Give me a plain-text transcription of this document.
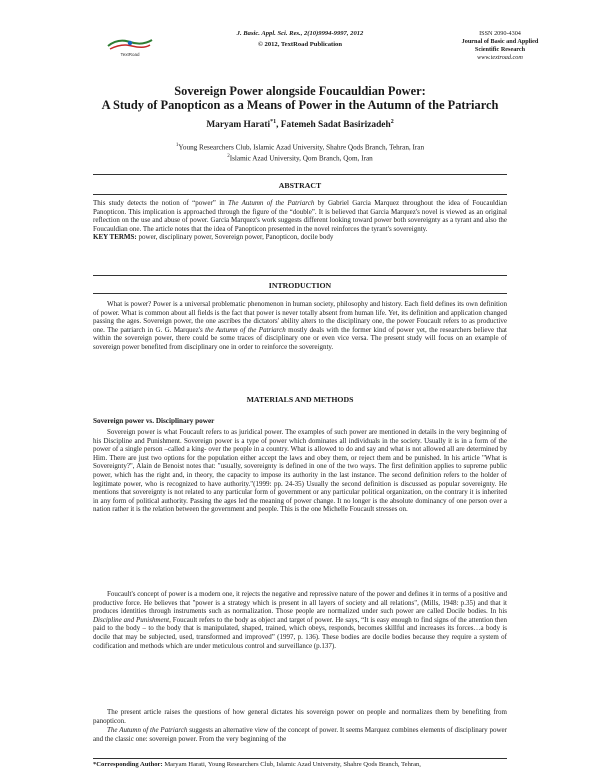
TextRoad
J. Basic. Appl. Sci. Res., 2(10)9994-9997, 2012
© 2012, TextRoad Publication
ISSN 2090-4304
Journal of Basic and Applied
Scientific Research
www.textroad.com
Sovereign Power alongside Foucauldian Power:
A Study of Panopticon as a Means of Power in the Autumn of the Patriarch
Maryam Harati$^{*1}$, Fatemeh Sadat Basirizadeh$^2$
$^1$Young Researchers Club, Islamic Azad University, Shahre Qods Branch, Tehran, Iran
$^2$Islamic Azad University, Qom Branch, Qom, Iran
ABSTRACT

This study detects the notion of “power” in The Autumn of the Patriarch by Gabriel Garcia Marquez throughout the idea of Foucauldian Panopticon. This implication is approached through the figure of the “double”. It is believed that Garcia Marquez's novel is viewed as an original reflection on the use and abuse of power. Garcia Marquez's work suggests different looking toward power both sovereignty as a tyrant and also the Foucauldian one. The article notes that the idea of Panopticon presented in the novel reinforces the tyrant's sovereignty.
KEY TERMS: power, disciplinary power, Sovereign power, Panopticon, docile body

INTRODUCTION

What is power? Power is a universal problematic phenomenon in human society, philosophy and history. Each field defines its own definition of power. What is common about all fields is the fact that power is never totally absent from human life. Yet, its definition and application changed passing the ages. Sovereign power, the one ascribes the dictators' ability alters to the disciplinary one, the power Foucault refers to as productive one. The patriarch in G. G. Marquez's the Autumn of the Patriarch mostly deals with the former kind of power yet, the researchers believe that within the sovereign power, there could be some traces of disciplinary one or even vice versa. The present study will focus on an example of sovereign power benefited from disciplinary one in order to reinforce the sovereignty.

MATERIALS AND METHODS
Sovereign power vs. Disciplinary power

Sovereign power is what Foucault refers to as juridical power. The examples of such power are mentioned in details in the very beginning of his Discipline and Punishment. Sovereign power is a type of power which dominates all individuals in the society. Usually it is in a form of the power of a single person –called a king- over the people in a country. What is allowed to do and say and what is not allowed all are determined by Him. There are just two options for the population either accept the laws and obey them, or reject them and be punished. In his article "What is Sovereignty?", Alain de Benoist notes that: "usually, sovereignty is defined in one of the two ways. The first definition applies to supreme public power, which has the right and, in theory, the capacity to impose its authority in the last instance. The second definition refers to the holder of legitimate power, who is recognized to have authority."(1999: pp. 24-35) Usually the second definition is discussed as popular sovereignty. He mentions that sovereignty is not related to any particular form of government or any particular political organization, on the contrary it is inherited in any form of political authority. Passing the ages led the meaning of power change. It no longer is the absolute dominancy of one person over a nation rather it is the relation between the government and people. This is the one Michelle Foucault stresses on.

Foucault's concept of power is a modern one, it rejects the negative and repressive nature of the power and defines it in terms of a positive and productive force. He believes that "power is a strategy which is present in all layers of society and all relations", (Mills, 1948: p.35) and that it produces identities through instruments such as normalization. Those people are normalized under such power are called Docile bodies. In his Discipline and Punishment, Foucault refers to the body as object and target of power. He says, “It is easy enough to find signs of the attention then paid to the body – to the body that is manipulated, shaped, trained, which obeys, responds, becomes skillful and increases its forces…a body is docile that may be subjected, used, transformed and improved” (1997, p. 136). These bodies are docile bodies because they require a system of codification and methods which are under meticulous control and surveillance (p.137).

The present article raises the questions of how general dictates his sovereign power on people and normalizes them by benefiting from panopticon.

The Autumn of the Patriarch suggests an alternative view of the concept of power. It seems Marquez combines elements of disciplinary power and the classic one: sovereign power. From the very beginning of the

*Corresponding Author: Maryam Harati, Young Researchers Club, Islamic Azad University, Shahre Qods Branch, Tehran,
